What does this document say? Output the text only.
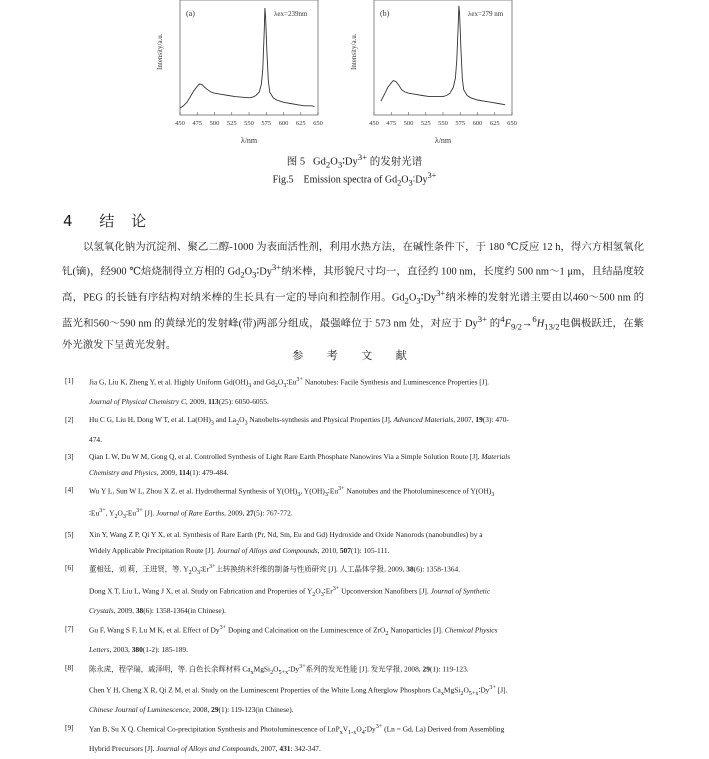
450 475 500 525 550 575 600 625 650
(a)	λex=239nm
Intensity/a.u.
λ/nm
450 475 500 525 550 575 600 625 650
(b)	λex=279 nm
Intensity/a.u.
λ/nm
图 5   $Gd_2O_3∶Dy^{3+}$ 的发射光谱
Fig.5    Emission spectra of $Gd_2O_3∶Dy^{3+}$
4 结 论
以氢氧化钠为沉淀剂、聚乙二醇-1000 为表面活性剂，利用水热方法，在碱性条件下，于 180 ℃反应 12 h，得六方相氢氧化钆(镝)，经900 ℃焙烧制得立方相的 $Gd_2O_3∶Dy^{3+}$纳米棒，其形貌尺寸均一，直径约 100 nm，长度约 500 nm～1 μm，且结晶度较高，PEG 的长链有序结构对纳米棒的生长具有一定的导向和控制作用。$Gd_2O_3∶Dy^{3+}$纳米棒的发射光谱主要由以460～500 nm 的蓝光和560～590 nm 的黄绿光的发射峰(带)两部分组成，最强峰位于 573 nm 处，对应于 $Dy^{3+}$ 的$^4F_{9/2}\to^6H_{13/2}$电偶极跃迁，在紫外光激发下呈黄光发射。
参 考 文 献
[1] Jia G, Liu K, Zheng Y, et al. Highly Uniform $Gd(OH)_3$ and $Gd_2O_3∶Eu^{3+}$ Nanotubes: Facile Synthesis and Luminescence Properties [J].
Journal of Physical Chemistry C, 2009, 113(25): 6050-6055.
[2] Hu C G, Liu H, Dong W T, et al. $La(OH)_3$ and $La_2O_3$ Nanobelts-synthesis and Physical Properties [J]. Advanced Materials, 2007, 19(3): 470-
474.
[3] Qian L W, Du W M, Gong Q, et al. Controlled Synthesis of Light Rare Earth Phosphate Nanowires Via a Simple Solution Route [J]. Materials
Chemistry and Physics, 2009, 114(1): 479-484.
[4] Wu Y L, Sun W L, Zhou X Z, et al. Hydrothermal Synthesis of $Y(OH)_3$, $Y(OH)_3∶Eu^{3+}$ Nanotubes and the Photoluminescence of $Y(OH)_3$
$∶Eu^{3+}$, $Y_2O_3∶Eu^{3+}$ [J]. Journal of Rare Earths, 2009, 27(5): 767-772.
[5] Xin Y, Wang Z P, Qi Y X, et al. Synthesis of Rare Earth (Pr, Nd, Sm, Eu and Gd) Hydroxide and Oxide Nanorods (nanobundles) by a
Widely Applicable Precipitation Route [J]. Journal of Alloys and Compounds, 2010, 507(1): 105-111.
[6] 董相廷，刘 莉，王进贤，等. $Y_2O_3∶Er^{3+}$上转换纳米纤维的制备与性质研究 [J]. 人工晶体学报, 2009, 38(6): 1358-1364.
Dong X T, Liu L, Wang J X, et al. Study on Fabrication and Properties of $Y_2O_3∶Er^{3+}$ Upconversion Nanofibers [J]. Journal of Synthetic
Crystals, 2009, 38(6): 1358-1364(in Chinese).
[7] Gu F, Wang S F, Lu M K, et al. Effect of $Dy^{3+}$ Doping and Calcination on the Luminescence of ZrO$_2$ Nanoparticles [J]. Chemical Physics
Letters, 2003, 380(1-2): 185-189.
[8] 陈永虎，程学瑞，戚泽明，等. 白色长余辉材料 $Ca_xMgSi_2O_{5+x}∶Dy^{3+}$系列的发光性能 [J]. 发光学报, 2008, 29(1): 119-123.
Chen Y H, Cheng X R, Qi Z M, et al. Study on the Luminescent Properties of the White Long Afterglow Phosphors $Ca_xMgSi_2O_{5+x}∶Dy^{3+}$ [J].
Chinese Journal of Luminescence, 2008, 29(1): 119-123(in Chinese).
[9] Yan B, Su X Q. Chemical Co-precipitation Synthesis and Photoluminescence of $LnP_xV_{1-x}O_4∶Dy^{3+}$ (Ln = Gd, La) Derived from Assembling
Hybrid Precursors [J]. Journal of Alloys and Compounds, 2007, 431: 342-347.
